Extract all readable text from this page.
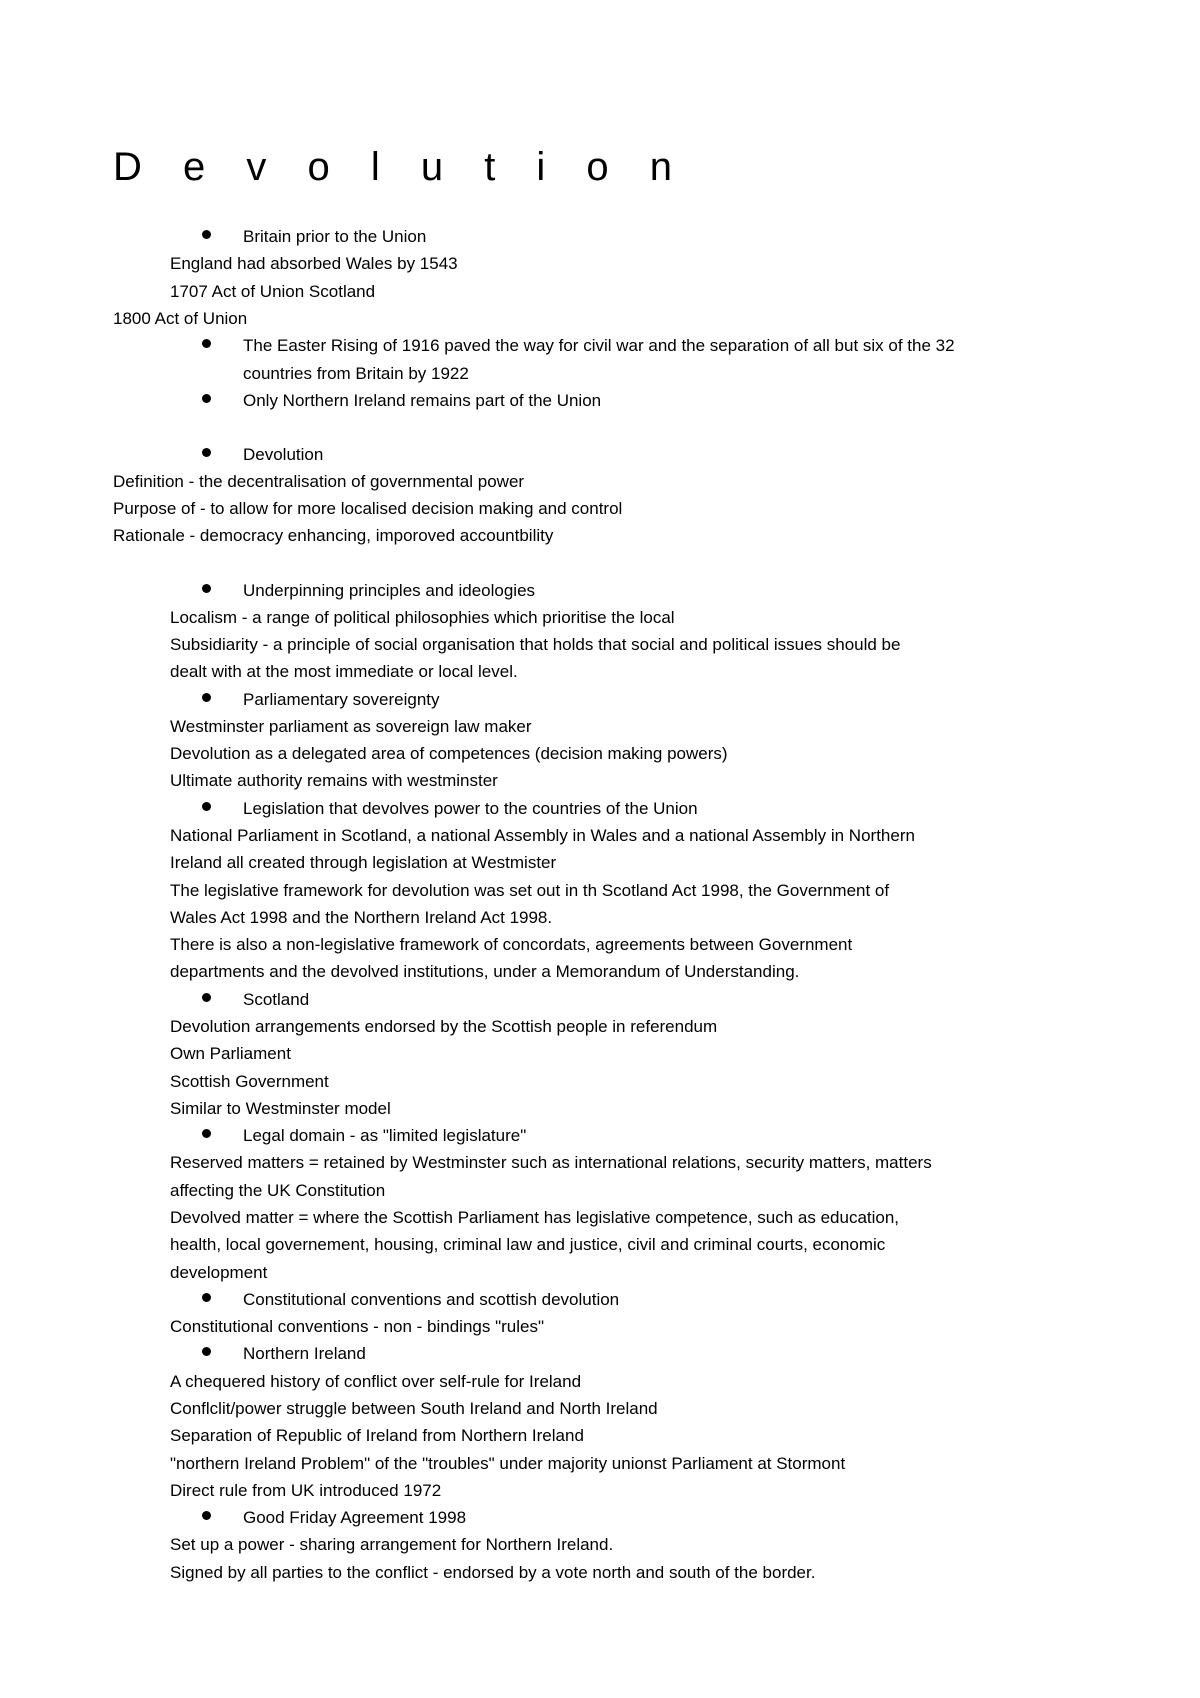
D e v o l u t i o n
Britain prior to the Union
England had absorbed Wales by 1543
1707 Act of Union Scotland
1800 Act of Union
The Easter Rising of 1916 paved the way for civil war and the separation of all but six of the 32
countries from Britain by 1922
Only Northern Ireland remains part of the Union
Devolution
Definition - the decentralisation of governmental power
Purpose of - to allow for more localised decision making and control
Rationale - democracy enhancing, imporoved accountbility
Underpinning principles and ideologies
Localism - a range of political philosophies which prioritise the local
Subsidiarity - a principle of social organisation that holds that social and political issues should be
dealt with at the most immediate or local level.
Parliamentary sovereignty
Westminster parliament as sovereign law maker
Devolution as a delegated area of competences (decision making powers)
Ultimate authority remains with westminster
Legislation that devolves power to the countries of the Union
National Parliament in Scotland, a national Assembly in Wales and a national Assembly in Northern
Ireland all created through legislation at Westmister
The legislative framework for devolution was set out in th Scotland Act 1998, the Government of
Wales Act 1998 and the Northern Ireland Act 1998.
There is also a non-legislative framework of concordats, agreements between Government
departments and the devolved institutions, under a Memorandum of Understanding.
Scotland
Devolution arrangements endorsed by the Scottish people in referendum
Own Parliament
Scottish Government
Similar to Westminster model
Legal domain - as "limited legislature"
Reserved matters = retained by Westminster such as international relations, security matters, matters
affecting the UK Constitution
Devolved matter = where the Scottish Parliament has legislative competence, such as education,
health, local governement, housing, criminal law and justice, civil and criminal courts, economic
development
Constitutional conventions and scottish devolution
Constitutional conventions - non - bindings "rules"
Northern Ireland
A chequered history of conflict over self-rule for Ireland
Conflclit/power struggle between South Ireland and North Ireland
Separation of Republic of Ireland from Northern Ireland
"northern Ireland Problem" of the "troubles" under majority unionst Parliament at Stormont
Direct rule from UK introduced 1972
Good Friday Agreement 1998
Set up a power - sharing arrangement for Northern Ireland.
Signed by all parties to the conflict - endorsed by a vote north and south of the border.
